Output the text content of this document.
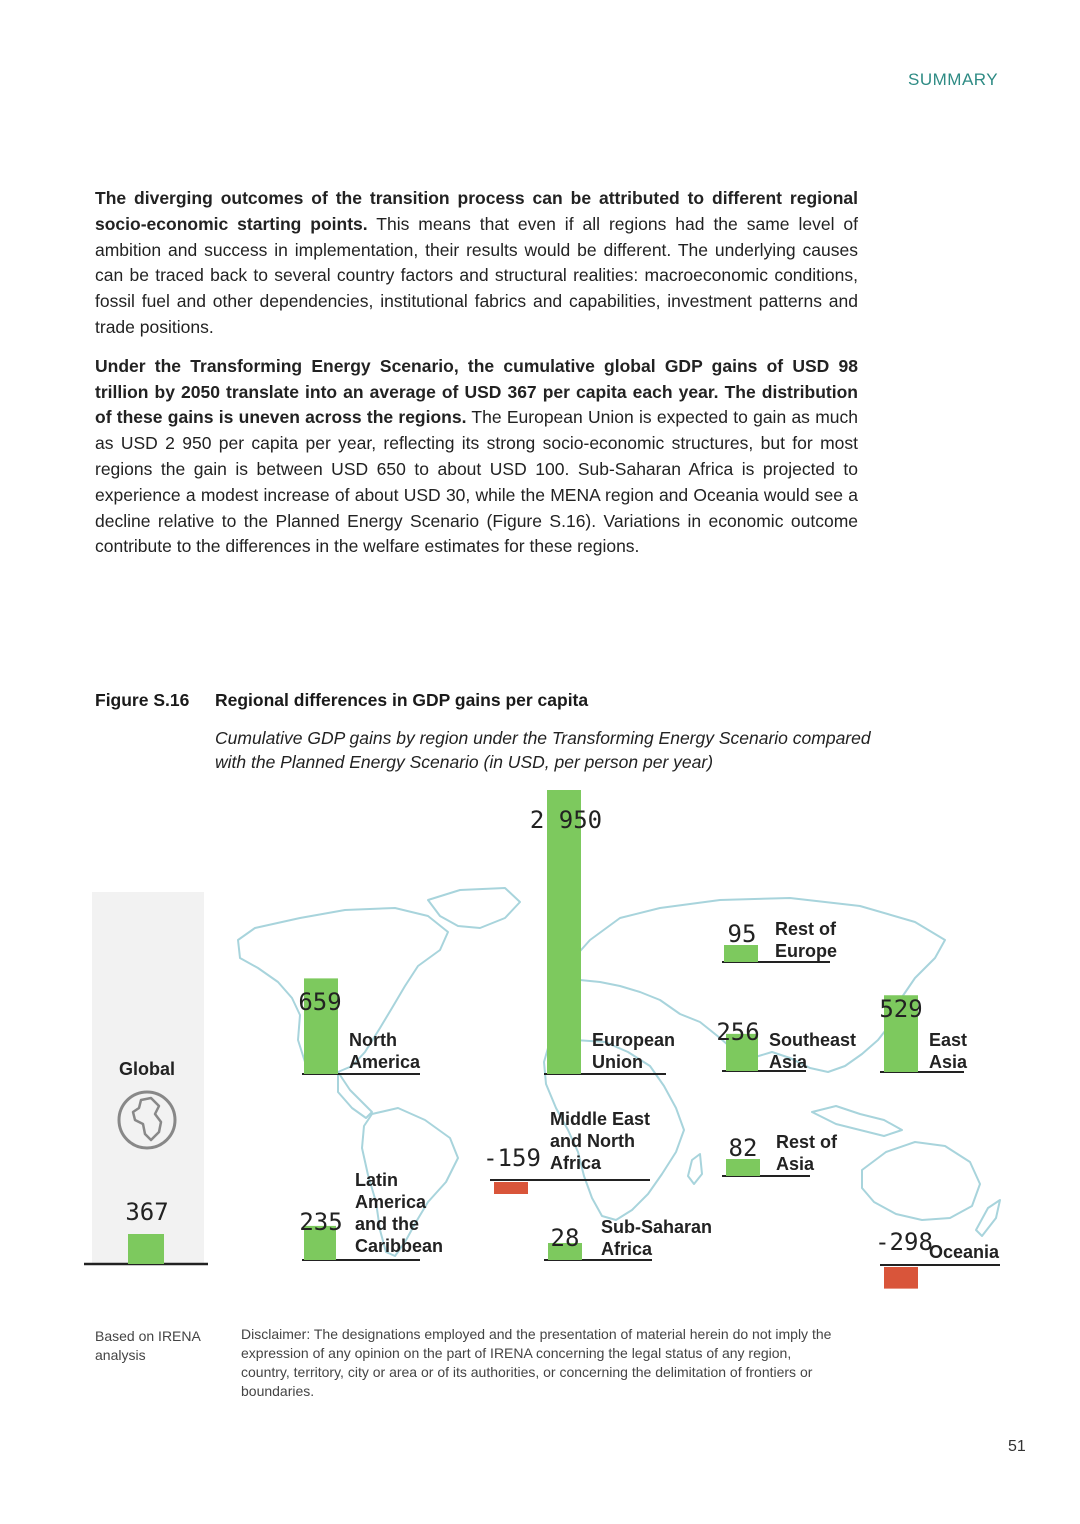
SUMMARY

The diverging outcomes of the transition process can be attributed to different regional socio-economic starting points. This means that even if all regions had the same level of ambition and success in implementation, their results would be different. The underlying causes can be traced back to several country factors and structural realities: macroeconomic conditions, fossil fuel and other dependencies, institutional fabrics and capabilities, investment patterns and trade positions.

Under the Transforming Energy Scenario, the cumulative global GDP gains of USD 98 trillion by 2050 translate into an average of USD 367 per capita each year. The distribution of these gains is uneven across the regions. The European Union is expected to gain as much as USD 2 950 per capita per year, reflecting its strong socio-economic structures, but for most regions the gain is between USD 650 to about USD 100. Sub-Saharan Africa is projected to experience a modest increase of about USD 30, while the MENA region and Oceania would see a decline relative to the Planned Energy Scenario (Figure S.16). Variations in economic outcome contribute to the differences in the welfare estimates for these regions.

Figure S.16 Regional differences in GDP gains per capita
Cumulative GDP gains by region under the Transforming Energy Scenario compared with the Planned Energy Scenario (in USD, per person per year)
Global
367
2 950
European Union
95 Rest of Europe
659
North America
256 Southeast Asia
529
East Asia
235
Latin America and the Caribbean
-159
Middle East and North Africa
82 Rest of Asia
28 Sub-Saharan Africa	-298
Oceania
Based on IRENA analysis
Disclaimer: The designations employed and the presentation of material herein do not imply the expression of any opinion on the part of IRENA concerning the legal status of any region, country, territory, city or area or of its authorities, or concerning the delimitation of frontiers or boundaries.
51
